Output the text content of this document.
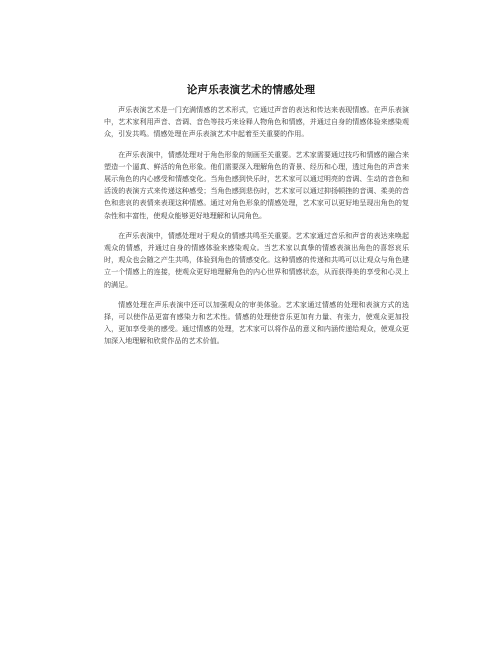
论声乐表演艺术的情感处理

声乐表演艺术是一门充满情感的艺术形式，它通过声音的表达和传达来表现情感。在声乐表演中，艺术家利用声音、音调、音色等技巧来诠释人物角色和情感，并通过自身的情感体验来感染观众，引发共鸣。情感处理在声乐表演艺术中起着至关重要的作用。

在声乐表演中，情感处理对于角色形象的刻画至关重要。艺术家需要通过技巧和情感的融合来塑造一个逼真、鲜活的角色形象。他们需要深入理解角色的背景、经历和心理，透过角色的声音来展示角色的内心感受和情感变化。当角色感到快乐时，艺术家可以通过明亮的音调、生动的音色和活泼的表演方式来传递这种感受；当角色感到悲伤时，艺术家可以通过抑扬顿挫的音调、柔美的音色和悲哀的表情来表现这种情感。通过对角色形象的情感处理，艺术家可以更好地呈现出角色的复杂性和丰富性，使观众能够更好地理解和认同角色。

在声乐表演中，情感处理对于观众的情感共鸣至关重要。艺术家通过音乐和声音的表达来唤起观众的情感，并通过自身的情感体验来感染观众。当艺术家以真挚的情感表演出角色的喜怒哀乐时，观众也会随之产生共鸣，体验到角色的情感变化。这种情感的传递和共鸣可以让观众与角色建立一个情感上的连接，使观众更好地理解角色的内心世界和情感状态，从而获得美的享受和心灵上的满足。

情感处理在声乐表演中还可以加强观众的审美体验。艺术家通过情感的处理和表演方式的选择，可以使作品更富有感染力和艺术性。情感的处理使音乐更加有力量、有张力，使观众更加投入，更加享受美的感受。通过情感的处理，艺术家可以将作品的意义和内涵传递给观众，使观众更加深入地理解和欣赏作品的艺术价值。
